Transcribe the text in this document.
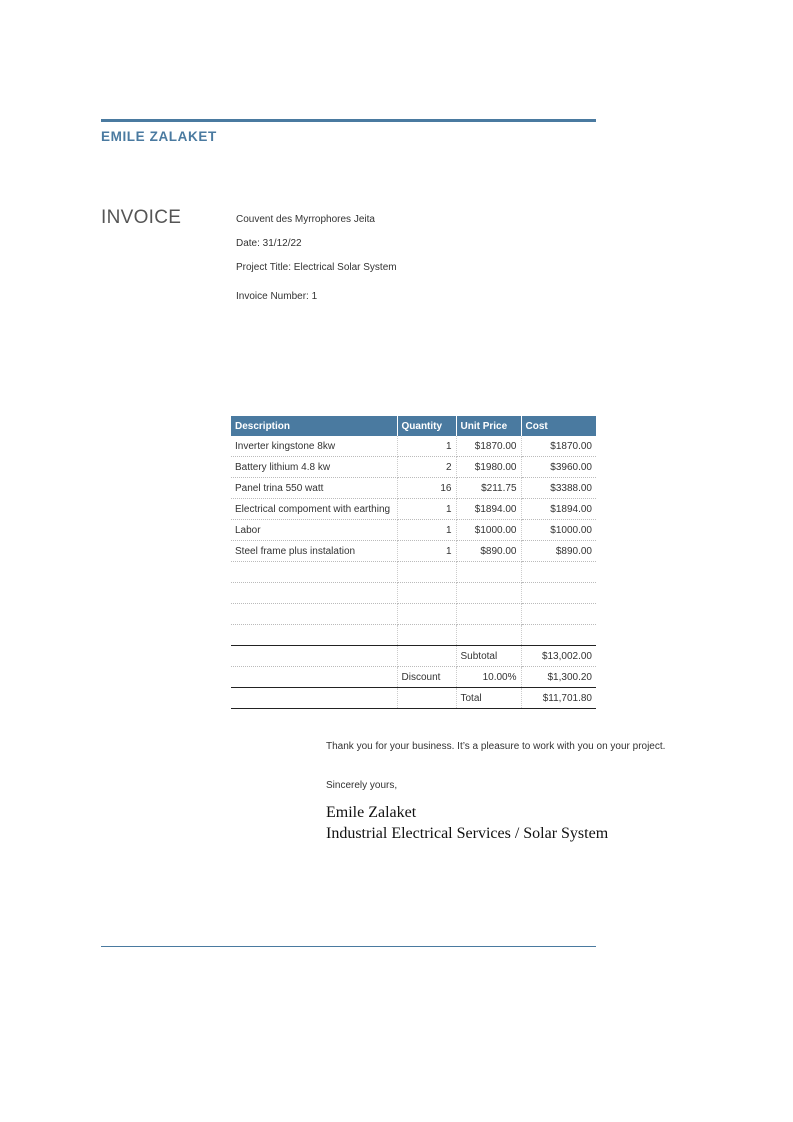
EMILE ZALAKET
INVOICE	Couvent des Myrrophores Jeita
Date: 31/12/22
Project Title: Electrical Solar System
Invoice Number: 1
Description	Quantity	Unit Price	Cost
Inverter kingstone 8kw	1	$1870.00	$1870.00
Battery lithium 4.8 kw	2	$1980.00	$3960.00
Panel trina 550 watt	16	$211.75	$3388.00
Electrical compoment with earthing	1	$1894.00	$1894.00
Labor	1	$1000.00	$1000.00
Steel frame plus instalation	1	$890.00	$890.00

		Subtotal	$13,002.00
	Discount	10.00%	$1,300.20
		Total	$11,701.80
Thank you for your business. It’s a pleasure to work with you on your project.
Sincerely yours,
Emile Zalaket
Industrial Electrical Services / Solar System
